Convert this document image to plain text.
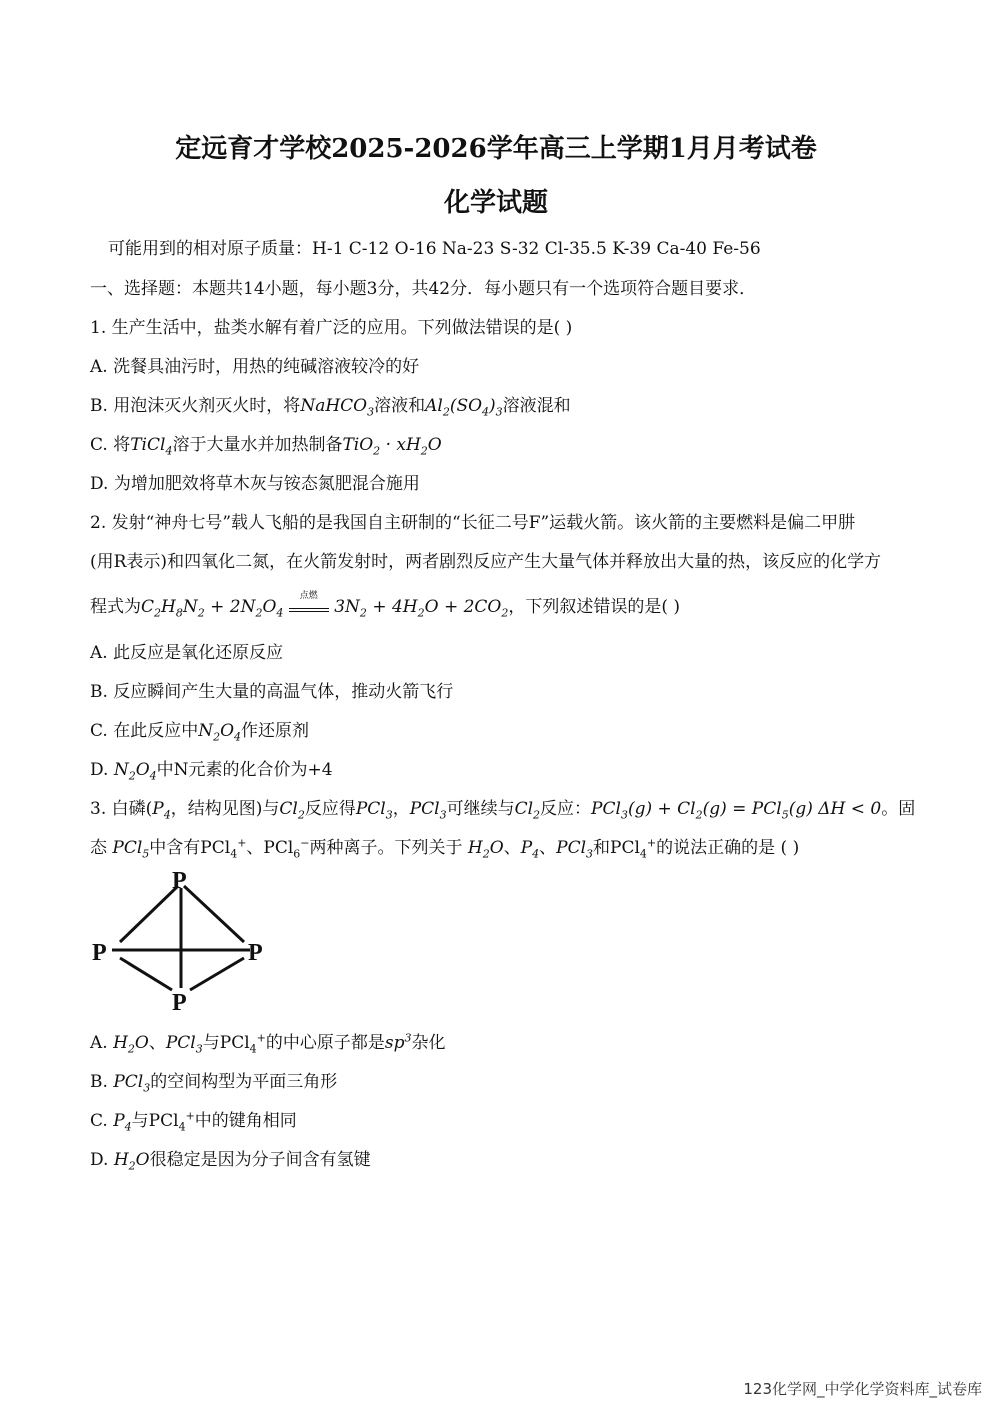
定远育才学校2025-2026学年高三上学期1月月考试卷
化学试题
可能用到的相对原子质量：H-1 C-12 O-16 Na-23 S-32 Cl-35.5 K-39 Ca-40 Fe-56
一、选择题：本题共14小题，每小题3分，共42分．每小题只有一个选项符合题目要求．
1. 生产生活中，盐类水解有着广泛的应用。下列做法错误的是( )
A. 洗餐具油污时，用热的纯碱溶液较冷的好
B. 用泡沫灭火剂灭火时，将NaHCO$_3$溶液和$Al_2(SO_4)_3$溶液混和
C. 将TiCl$_4$溶于大量水并加热制备$TiO_2 \cdot xH_2O$
D. 为增加肥效将草木灰与铵态氮肥混合施用
2. 发射“神舟七号”载人飞船的是我国自主研制的“长征二号F”运载火箭。该火箭的主要燃料是偏二甲肼
(用R表示)和四氧化二氮，在火箭发射时，两者剧烈反应产生大量气体并释放出大量的热，该反应的化学方
程式为$C_2H_8N_2 + 2N_2O_4$
点燃
$3N_2 + 4H_2O + 2CO_2$，下列叙述错误的是( )
A. 此反应是氧化还原反应
B. 反应瞬间产生大量的高温气体，推动火箭飞行
C. 在此反应中$N_2O_4$作还原剂
D. $N_2O_4$中N元素的化合价为+4
3. 白磷($P_4$，结构见图)与$Cl_2$反应得PCl$_3$，PCl$_3$可继续与$Cl_2$反应：$PCl_3(g) + Cl_2(g) = PCl_5(g) \Delta H < 0$。固
态 PCl$_5$中含有PCl$_4$+、PCl$_6$−两种离子。下列关于 $H_2O$、$P_4$、PCl$_3$和PCl$_4$+的说法正确的是 ( )
P
P	P
P
A. $H_2O$、PCl$_3$与PCl$_4$+的中心原子都是$sp^3$杂化
B. PCl$_3$的空间构型为平面三角形
C. $P_4$与PCl$_4$+中的键角相同
D. $H_2O$很稳定是因为分子间含有氢键
123化学网_中学化学资料库_试卷库
